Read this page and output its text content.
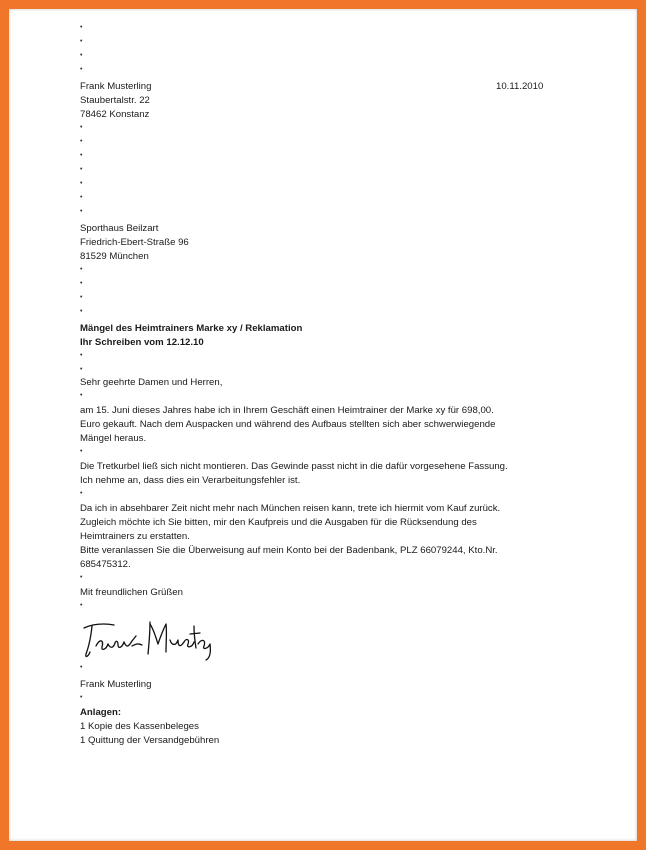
•
•
•
•
Frank Musterling
Staubertalstr. 22
78462 Konstanz
10.11.2010
•
•
•
•
•
•
•
Sporthaus Beilzart
Friedrich-Ebert-Straße 96
81529 München
•
•
•
•
Mängel des Heimtrainers Marke xy / Reklamation
Ihr Schreiben vom 12.12.10
•
•
Sehr geehrte Damen und Herren,
•
am 15. Juni dieses Jahres habe ich in Ihrem Geschäft einen Heimtrainer der Marke xy für 698,00.
Euro gekauft. Nach dem Auspacken und während des Aufbaus stellten sich aber schwerwiegende
Mängel heraus.
•
Die Tretkurbel ließ sich nicht montieren. Das Gewinde passt nicht in die dafür vorgesehene Fassung.
Ich nehme an, dass dies ein Verarbeitungsfehler ist.
•
Da ich in absehbarer Zeit nicht mehr nach München reisen kann, trete ich hiermit vom Kauf zurück.
Zugleich möchte ich Sie bitten, mir den Kaufpreis und die Ausgaben für die Rücksendung des
Heimtrainers zu erstatten.
Bitte veranlassen Sie die Überweisung auf mein Konto bei der Badenbank, PLZ 66079244, Kto.Nr.
685475312.
•
Mit freundlichen Grüßen
•
•
Frank Musterling
•
Anlagen:
1 Kopie des Kassenbeleges
1 Quittung der Versandgebühren
